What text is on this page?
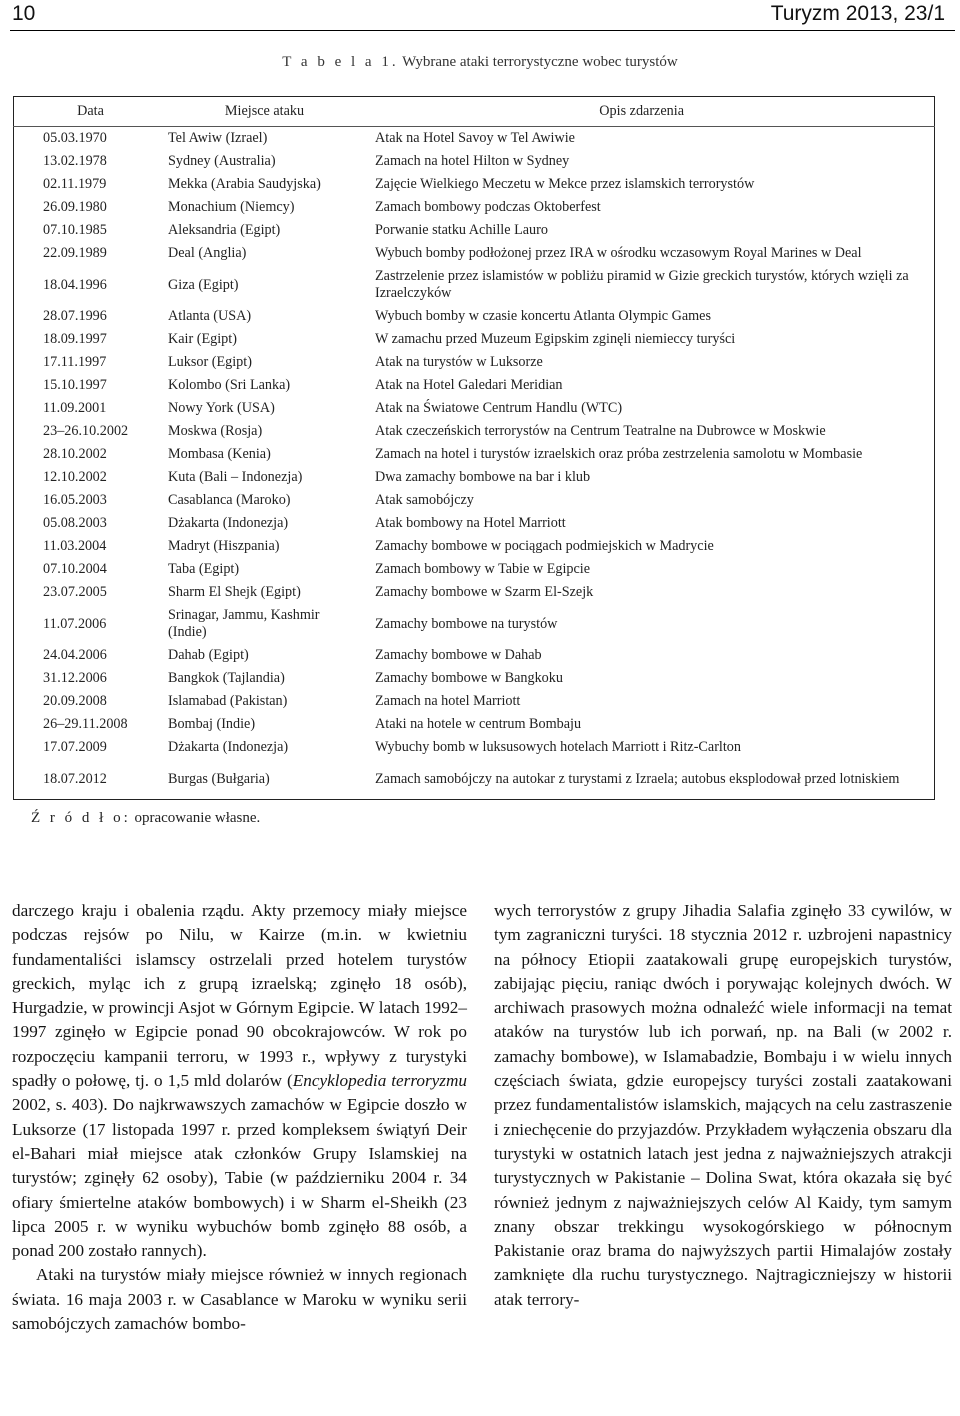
10	Turyzm 2013, 23/1
T a b e l a 1. Wybrane ataki terrorystyczne wobec turystów
Data	Miejsce ataku	Opis zdarzenia
05.03.1970	Tel Awiw (Izrael)	Atak na Hotel Savoy w Tel Awiwie
13.02.1978	Sydney (Australia)	Zamach na hotel Hilton w Sydney
02.11.1979	Mekka (Arabia Saudyjska)	Zajęcie Wielkiego Meczetu w Mekce przez islamskich terrorystów
26.09.1980	Monachium (Niemcy)	Zamach bombowy podczas Oktoberfest
07.10.1985	Aleksandria (Egipt)	Porwanie statku Achille Lauro
22.09.1989	Deal (Anglia)	Wybuch bomby podłożonej przez IRA w ośrodku wczasowym Royal Marines w Deal
18.04.1996	Giza (Egipt)	Zastrzelenie przez islamistów w pobliżu piramid w Gizie greckich turystów, których wzięli za Izraelczyków
28.07.1996	Atlanta (USA)	Wybuch bomby w czasie koncertu Atlanta Olympic Games
18.09.1997	Kair (Egipt)	W zamachu przed Muzeum Egipskim zginęli niemieccy turyści
17.11.1997	Luksor (Egipt)	Atak na turystów w Luksorze
15.10.1997	Kolombo (Sri Lanka)	Atak na Hotel Galedari Meridian
11.09.2001	Nowy York (USA)	Atak na Światowe Centrum Handlu (WTC)
23–26.10.2002	Moskwa (Rosja)	Atak czeczeńskich terrorystów na Centrum Teatralne na Dubrowce w Moskwie
28.10.2002	Mombasa (Kenia)	Zamach na hotel i turystów izraelskich oraz próba zestrzelenia samolotu w Mombasie
12.10.2002	Kuta (Bali – Indonezja)	Dwa zamachy bombowe na bar i klub
16.05.2003	Casablanca (Maroko)	Atak samobójczy
05.08.2003	Dżakarta (Indonezja)	Atak bombowy na Hotel Marriott
11.03.2004	Madryt (Hiszpania)	Zamachy bombowe w pociągach podmiejskich w Madrycie
07.10.2004	Taba (Egipt)	Zamach bombowy w Tabie w Egipcie
23.07.2005	Sharm El Shejk (Egipt)	Zamachy bombowe w Szarm El-Szejk
11.07.2006	Srinagar, Jammu, Kashmir (Indie)	Zamachy bombowe na turystów
24.04.2006	Dahab (Egipt)	Zamachy bombowe w Dahab
31.12.2006	Bangkok (Tajlandia)	Zamachy bombowe w Bangkoku
20.09.2008	Islamabad (Pakistan)	Zamach na hotel Marriott
26–29.11.2008	Bombaj (Indie)	Ataki na hotele w centrum Bombaju
17.07.2009	Dżakarta (Indonezja)	Wybuchy bomb w luksusowych hotelach Marriott i Ritz-Carlton
18.07.2012	Burgas (Bułgaria)	Zamach samobójczy na autokar z turystami z Izraela; autobus eksplodował przed lotniskiem
Ź r ó d ł o: opracowanie własne.

darczego kraju i obalenia rządu. Akty przemocy miały miejsce podczas rejsów po Nilu, w Kairze (m.in. w kwietniu fundamentaliści islamscy ostrzelali przed hotelem turystów greckich, myląc ich z grupą izraelską; zginęło 18 osób), Hurgadzie, w prowincji Asjot w Górnym Egipcie. W latach 1992–1997 zginęło w Egipcie ponad 90 obcokrajowców. W rok po rozpoczęciu kampanii terroru, w 1993 r., wpływy z turystyki spadły o połowę, tj. o 1,5 mld dolarów (Encyklopedia terroryzmu 2002, s. 403). Do najkrwawszych zamachów w Egipcie doszło w Luksorze (17 listopada 1997 r. przed kompleksem świątyń Deir el-Bahari miał miejsce atak członków Grupy Islamskiej na turystów; zginęły 62 osoby), Tabie (w październiku 2004 r. 34 ofiary śmiertelne ataków bombowych) i w Sharm el-Sheikh (23 lipca 2005 r. w wyniku wybuchów bomb zginęło 88 osób, a ponad 200 zostało rannych).

Ataki na turystów miały miejsce również w innych regionach świata. 16 maja 2003 r. w Casablance w Maroku w wyniku serii samobójczych zamachów bombo-

wych terrorystów z grupy Jihadia Salafia zginęło 33 cywilów, w tym zagraniczni turyści. 18 stycznia 2012 r. uzbrojeni napastnicy na północy Etiopii zaatakowali grupę europejskich turystów, zabijając pięciu, raniąc dwóch i porywając kolejnych dwóch. W archiwach prasowych można odnaleźć wiele informacji na temat ataków na turystów lub ich porwań, np. na Bali (w 2002 r. zamachy bombowe), w Islamabadzie, Bombaju i w wielu innych częściach świata, gdzie europejscy turyści zostali zaatakowani przez fundamentalistów islamskich, mających na celu zastraszenie i zniechęcenie do przyjazdów. Przykładem wyłączenia obszaru dla turystyki w ostatnich latach jest jedna z najważniejszych atrakcji turystycznych w Pakistanie – Dolina Swat, która okazała się być również jednym z najważniejszych celów Al Kaidy, tym samym znany obszar trekkingu wysokogórskiego w północnym Pakistanie oraz brama do najwyższych partii Himalajów zostały zamknięte dla ruchu turystycznego. Najtragiczniejszy w historii atak terrory-
